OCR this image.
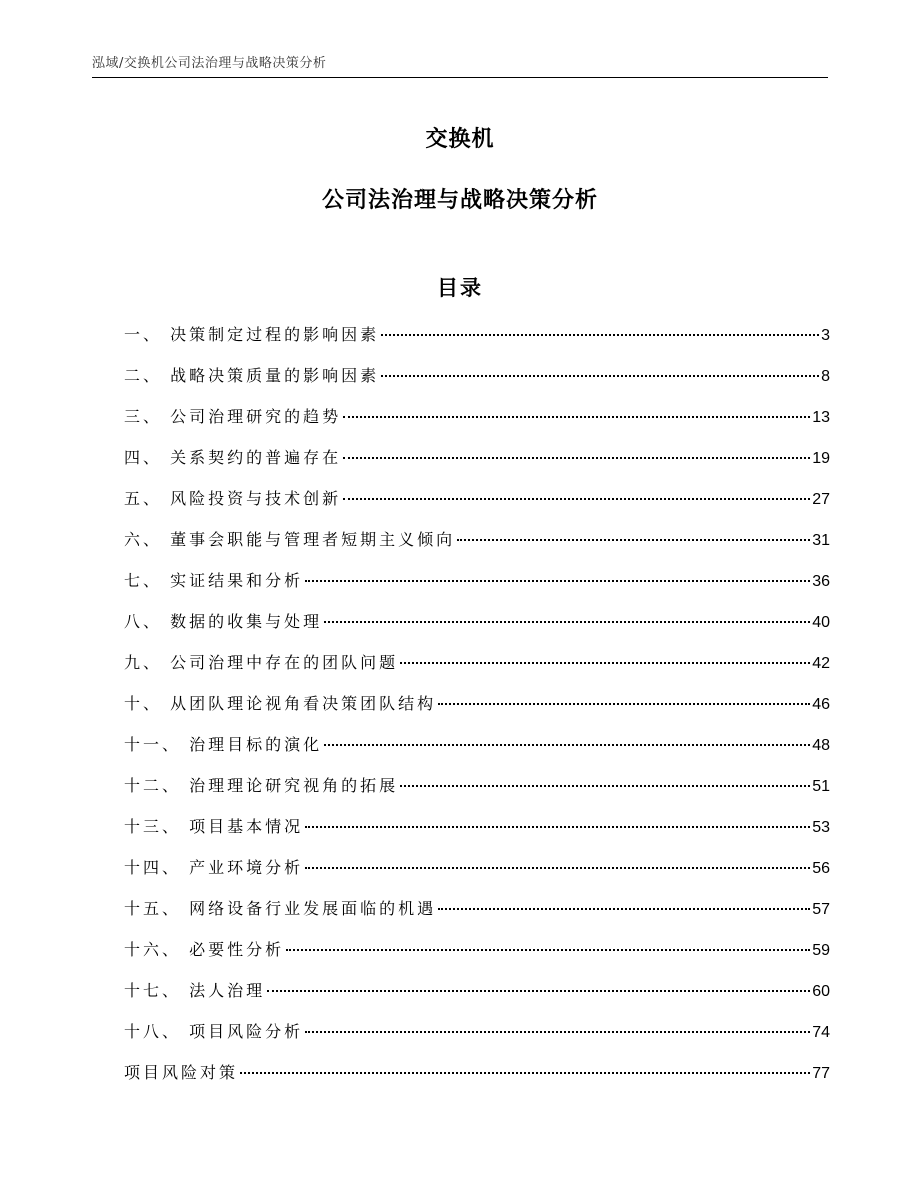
泓域/交换机公司法治理与战略决策分析
交换机
公司法治理与战略决策分析
目录
一、 决策制定过程的影响因素	3
二、 战略决策质量的影响因素	8
三、 公司治理研究的趋势	13
四、 关系契约的普遍存在	19
五、 风险投资与技术创新	27
六、 董事会职能与管理者短期主义倾向	31
七、 实证结果和分析	36
八、 数据的收集与处理	40
九、 公司治理中存在的团队问题	42
十、 从团队理论视角看决策团队结构	46
十一、 治理目标的演化	48
十二、 治理理论研究视角的拓展	51
十三、 项目基本情况	53
十四、 产业环境分析	56
十五、 网络设备行业发展面临的机遇	57
十六、 必要性分析	59
十七、 法人治理	60
十八、 项目风险分析	74
项目风险对策	77
